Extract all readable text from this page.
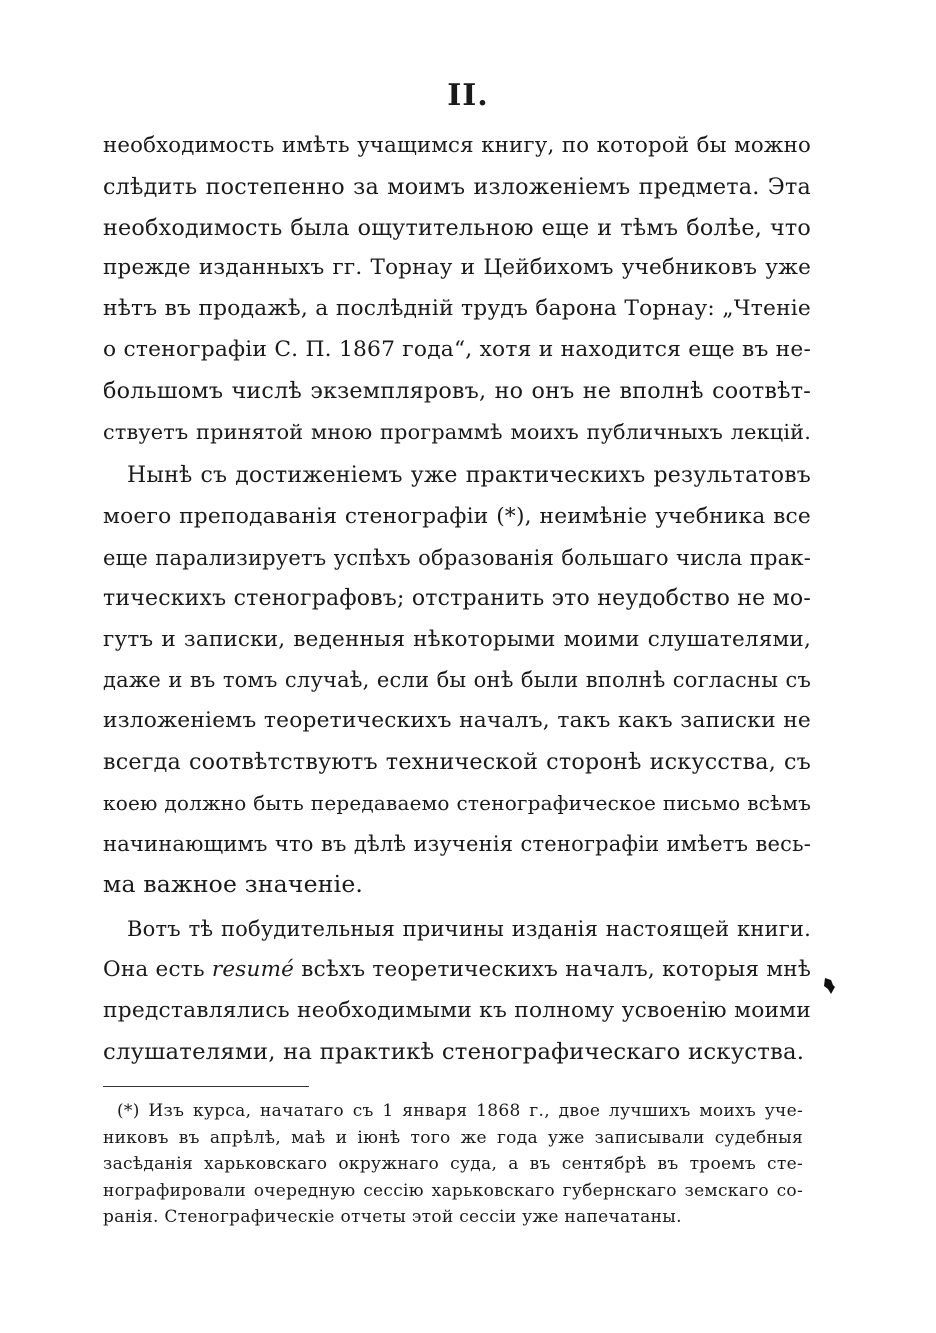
II.

необходимость имѣть учащимся книгу, по которой бы можно
слѣдить постепенно за моимъ изложеніемъ предмета. Эта
необходимость была ощутительною еще и тѣмъ болѣе, что
прежде изданныхъ гг. Торнау и Цейбихомъ учебниковъ уже
нѣтъ въ продажѣ, а послѣдній трудъ барона Торнау: „Чтеніе
о стенографіи С. П. 1867 года“, хотя и находится еще въ не-
большомъ числѣ экземпляровъ, но онъ не вполнѣ соотвѣт-
ствуетъ принятой мною программѣ моихъ публичныхъ лекцій.

Нынѣ съ достиженіемъ уже практическихъ результатовъ
моего преподаванія стенографіи (*), неимѣніе учебника все
еще парализируетъ успѣхъ образованія большаго числа прак-
тическихъ стенографовъ; отстранить это неудобство не мо-
гутъ и записки, веденныя нѣкоторыми моими слушателями,
даже и въ томъ случаѣ, если бы онѣ были вполнѣ согласны съ
изложеніемъ теоретическихъ началъ, такъ какъ записки не
всегда соотвѣтствуютъ технической сторонѣ искусства, съ
коею должно быть передаваемо стенографическое письмо всѣмъ
начинающимъ что въ дѣлѣ изученія стенографіи имѣетъ весь-
ма важное значеніе.

Вотъ тѣ побудительныя причины изданія настоящей книги.
Она есть resumé всѣхъ теоретическихъ началъ, которыя мнѣ
представлялись необходимыми къ полному усвоенію моими
слушателями, на практикѣ стенографическаго искуства.

(*) Изъ курса, начатаго съ 1 января 1868 г., двое лучшихъ моихъ уче-
никовъ въ апрѣлѣ, маѣ и іюнѣ того же года уже записывали судебныя
засѣданія харьковскаго окружнаго суда, а въ сентябрѣ въ троемъ сте-
нографировали очередную сессію харьковскаго губернскаго земскаго со-
ранія. Стенографическіе отчеты этой сессіи уже напечатаны.
